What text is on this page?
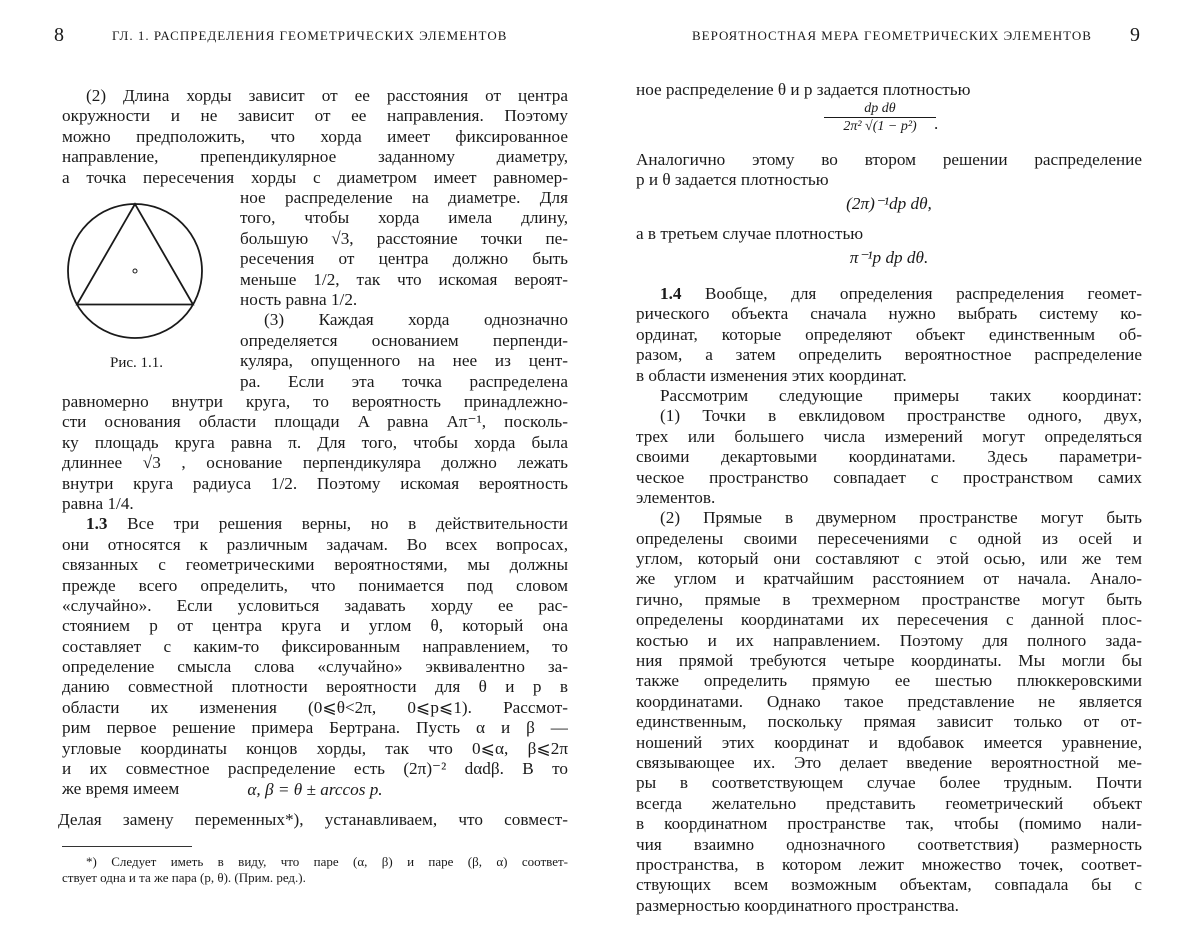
8	ГЛ. 1. РАСПРЕДЕЛЕНИЯ ГЕОМЕТРИЧЕСКИХ ЭЛЕМЕНТОВ
(2) Длина хорды зависит от ее расстояния от центра
окружности и не зависит от ее направления. Поэтому
можно предположить, что хорда имеет фиксированное
направление, препендикулярное заданному диаметру,
а точка пересечения хорды с диаметром имеет равномер-
Рис. 1.1.
ное распределение на диаметре. Для
того, чтобы хорда имела длину,
большую √3, расстояние точки пе-
ресечения от центра должно быть
меньше 1/2, так что искомая вероят-
ность равна 1/2.
(3) Каждая хорда однозначно
определяется основанием перпенди-
куляра, опущенного на нее из цент-
ра. Если эта точка распределена
равномерно внутри круга, то вероятность принадлежно-
сти основания области площади A равна Aπ⁻¹, посколь-
ку площадь круга равна π. Для того, чтобы хорда была
длиннее √3 , основание перпендикуляра должно лежать
внутри круга радиуса 1/2. Поэтому искомая вероятность
равна 1/4.
1.3 Все три решения верны, но в действительности
они относятся к различным задачам. Во всех вопросах,
связанных с геометрическими вероятностями, мы должны
прежде всего определить, что понимается под словом
«случайно». Если условиться задавать хорду ее рас-
стоянием p от центра круга и углом θ, который она
составляет с каким-то фиксированным направлением, то
определение смысла слова «случайно» эквивалентно за-
данию совместной плотности вероятности для θ и p в
области их изменения (0⩽θ<2π, 0⩽p⩽1). Рассмот-
рим первое решение примера Бертрана. Пусть α и β —
угловые координаты концов хорды, так что 0⩽α, β⩽2π
и их совместное распределение есть (2π)⁻² dαdβ. В то
же время имеем	α, β = θ ± arccos p.
Делая замену переменных*), устанавливаем, что совмест-
*) Следует иметь в виду, что паре (α, β) и паре (β, α) соответ-
ствует одна и та же пара (p, θ). (Прим. ред.).
ВЕРОЯТНОСТНАЯ МЕРА ГЕОМЕТРИЧЕСКИХ ЭЛЕМЕНТОВ 9
ное распределение θ и p задается плотностью
dp dθ
2π² √(1 − p²)	.
Аналогично этому во втором решении распределение
p и θ задается плотностью
(2π)⁻¹dp dθ,
а в третьем случае плотностью
π⁻¹p dp dθ.
1.4 Вообще, для определения распределения геомет-
рического объекта сначала нужно выбрать систему ко-
ординат, которые определяют объект единственным об-
разом, а затем определить вероятностное распределение
в области изменения этих координат.
Рассмотрим следующие примеры таких координат:
(1) Точки в евклидовом пространстве одного, двух,
трех или большего числа измерений могут определяться
своими декартовыми координатами. Здесь параметри-
ческое пространство совпадает с пространством самих
элементов.
(2) Прямые в двумерном пространстве могут быть
определены своими пересечениями с одной из осей и
углом, который они составляют с этой осью, или же тем
же углом и кратчайшим расстоянием от начала. Анало-
гично, прямые в трехмерном пространстве могут быть
определены координатами их пересечения с данной плос-
костью и их направлением. Поэтому для полного зада-
ния прямой требуются четыре координаты. Мы могли бы
также определить прямую ее шестью плюккеровскими
координатами. Однако такое представление не является
единственным, поскольку прямая зависит только от от-
ношений этих координат и вдобавок имеется уравнение,
связывающее их. Это делает введение вероятностной ме-
ры в соответствующем случае более трудным. Почти
всегда желательно представить геометрический объект
в координатном пространстве так, чтобы (помимо нали-
чия взаимно однозначного соответствия) размерность
пространства, в котором лежит множество точек, соответ-
ствующих всем возможным объектам, совпадала бы с
размерностью координатного пространства.
